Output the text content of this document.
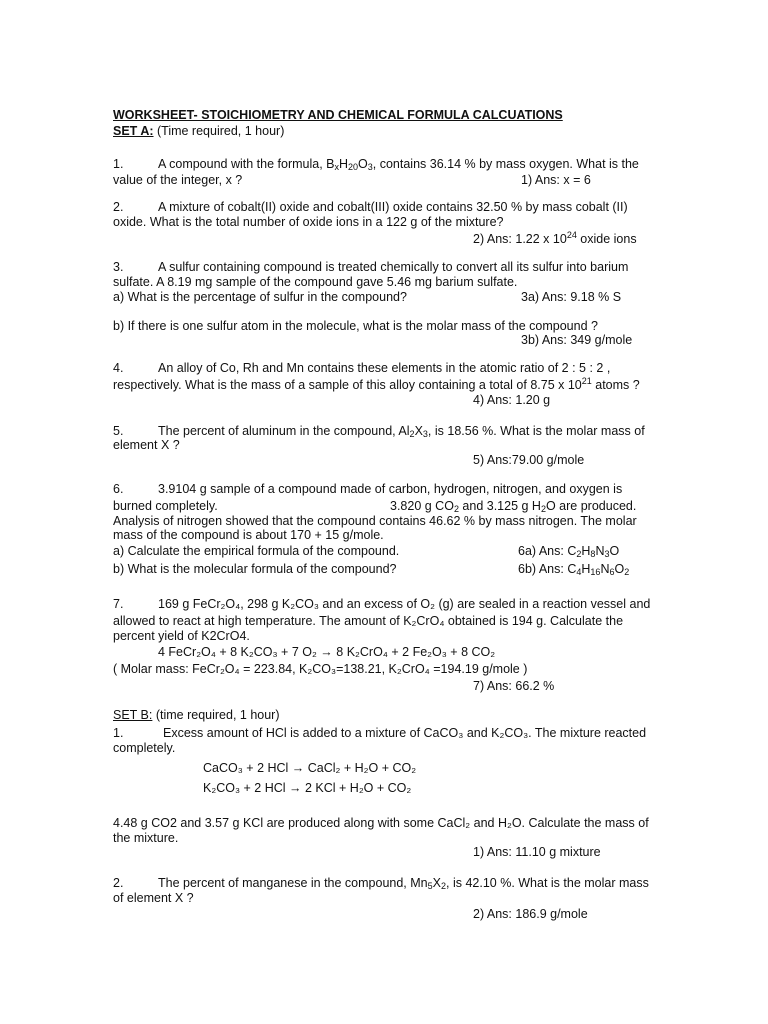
WORKSHEET- STOICHIOMETRY AND CHEMICAL FORMULA CALCUATIONS
SET A: (Time required, 1 hour)
1.	A compound with the formula, $B_xH_{20}O_3$, contains 36.14 % by mass oxygen. What is the
value of the integer, x ?	1) Ans: x = 6
2.	A mixture of cobalt(II) oxide and cobalt(III) oxide contains 32.50 % by mass cobalt (II)
oxide. What is the total number of oxide ions in a 122 g of the mixture?
2) Ans: 1.22 x $10^{24}$ oxide ions
3.	A sulfur containing compound is treated chemically to convert all its sulfur into barium
sulfate. A 8.19 mg sample of the compound gave 5.46 mg barium sulfate.
a) What is the percentage of sulfur in the compound?	3a) Ans: 9.18 % S
b) If there is one sulfur atom in the molecule, what is the molar mass of the compound ?
3b) Ans: 349 g/mole
4.	An alloy of Co, Rh and Mn contains these elements in the atomic ratio of 2 : 5 : 2 ,
respectively. What is the mass of a sample of this alloy containing a total of 8.75 x $10^{21}$ atoms ?
4) Ans: 1.20 g
5.	The percent of aluminum in the compound, $Al_2X_3$, is 18.56 %. What is the molar mass of
element X ?
5) Ans:79.00 g/mole
6.	3.9104 g sample of a compound made of carbon, hydrogen, nitrogen, and oxygen is
burned completely.	3.820 g $CO_2$ and 3.125 g $H_2O$ are produced.
Analysis of nitrogen showed that the compound contains 46.62 % by mass nitrogen. The molar
mass of the compound is about 170 + 15 g/mole.
a) Calculate the empirical formula of the compound.	6a) Ans: $C_2H_8N_3O$
b) What is the molecular formula of the compound?	6b) Ans: $C_4H_{16}N_6O_2$
7.	169 g FeCr₂O₄, 298 g K₂CO₃ and an excess of O₂ (g) are sealed in a reaction vessel and
allowed to react at high temperature. The amount of K₂CrO₄ obtained is 194 g. Calculate the
percent yield of K2CrO4.
4 FeCr₂O₄ + 8 K₂CO₃ + 7 O₂ → 8 K₂CrO₄ + 2 Fe₂O₃ + 8 CO₂
( Molar mass: FeCr₂O₄ = 223.84, K₂CO₃=138.21, K₂CrO₄ =194.19 g/mole )
7) Ans: 66.2 %
SET B: (time required, 1 hour)
1.	Excess amount of HCl is added to a mixture of CaCO₃ and K₂CO₃. The mixture reacted
completely.
CaCO₃ + 2 HCl → CaCl₂ + H₂O + CO₂
K₂CO₃ + 2 HCl → 2 KCl + H₂O + CO₂
4.48 g CO2 and 3.57 g KCl are produced along with some CaCl₂ and H₂O. Calculate the mass of
the mixture.
1) Ans: 11.10 g mixture
2.	The percent of manganese in the compound, $Mn_5X_2$, is 42.10 %. What is the molar mass
of element X ?
2) Ans: 186.9 g/mole
